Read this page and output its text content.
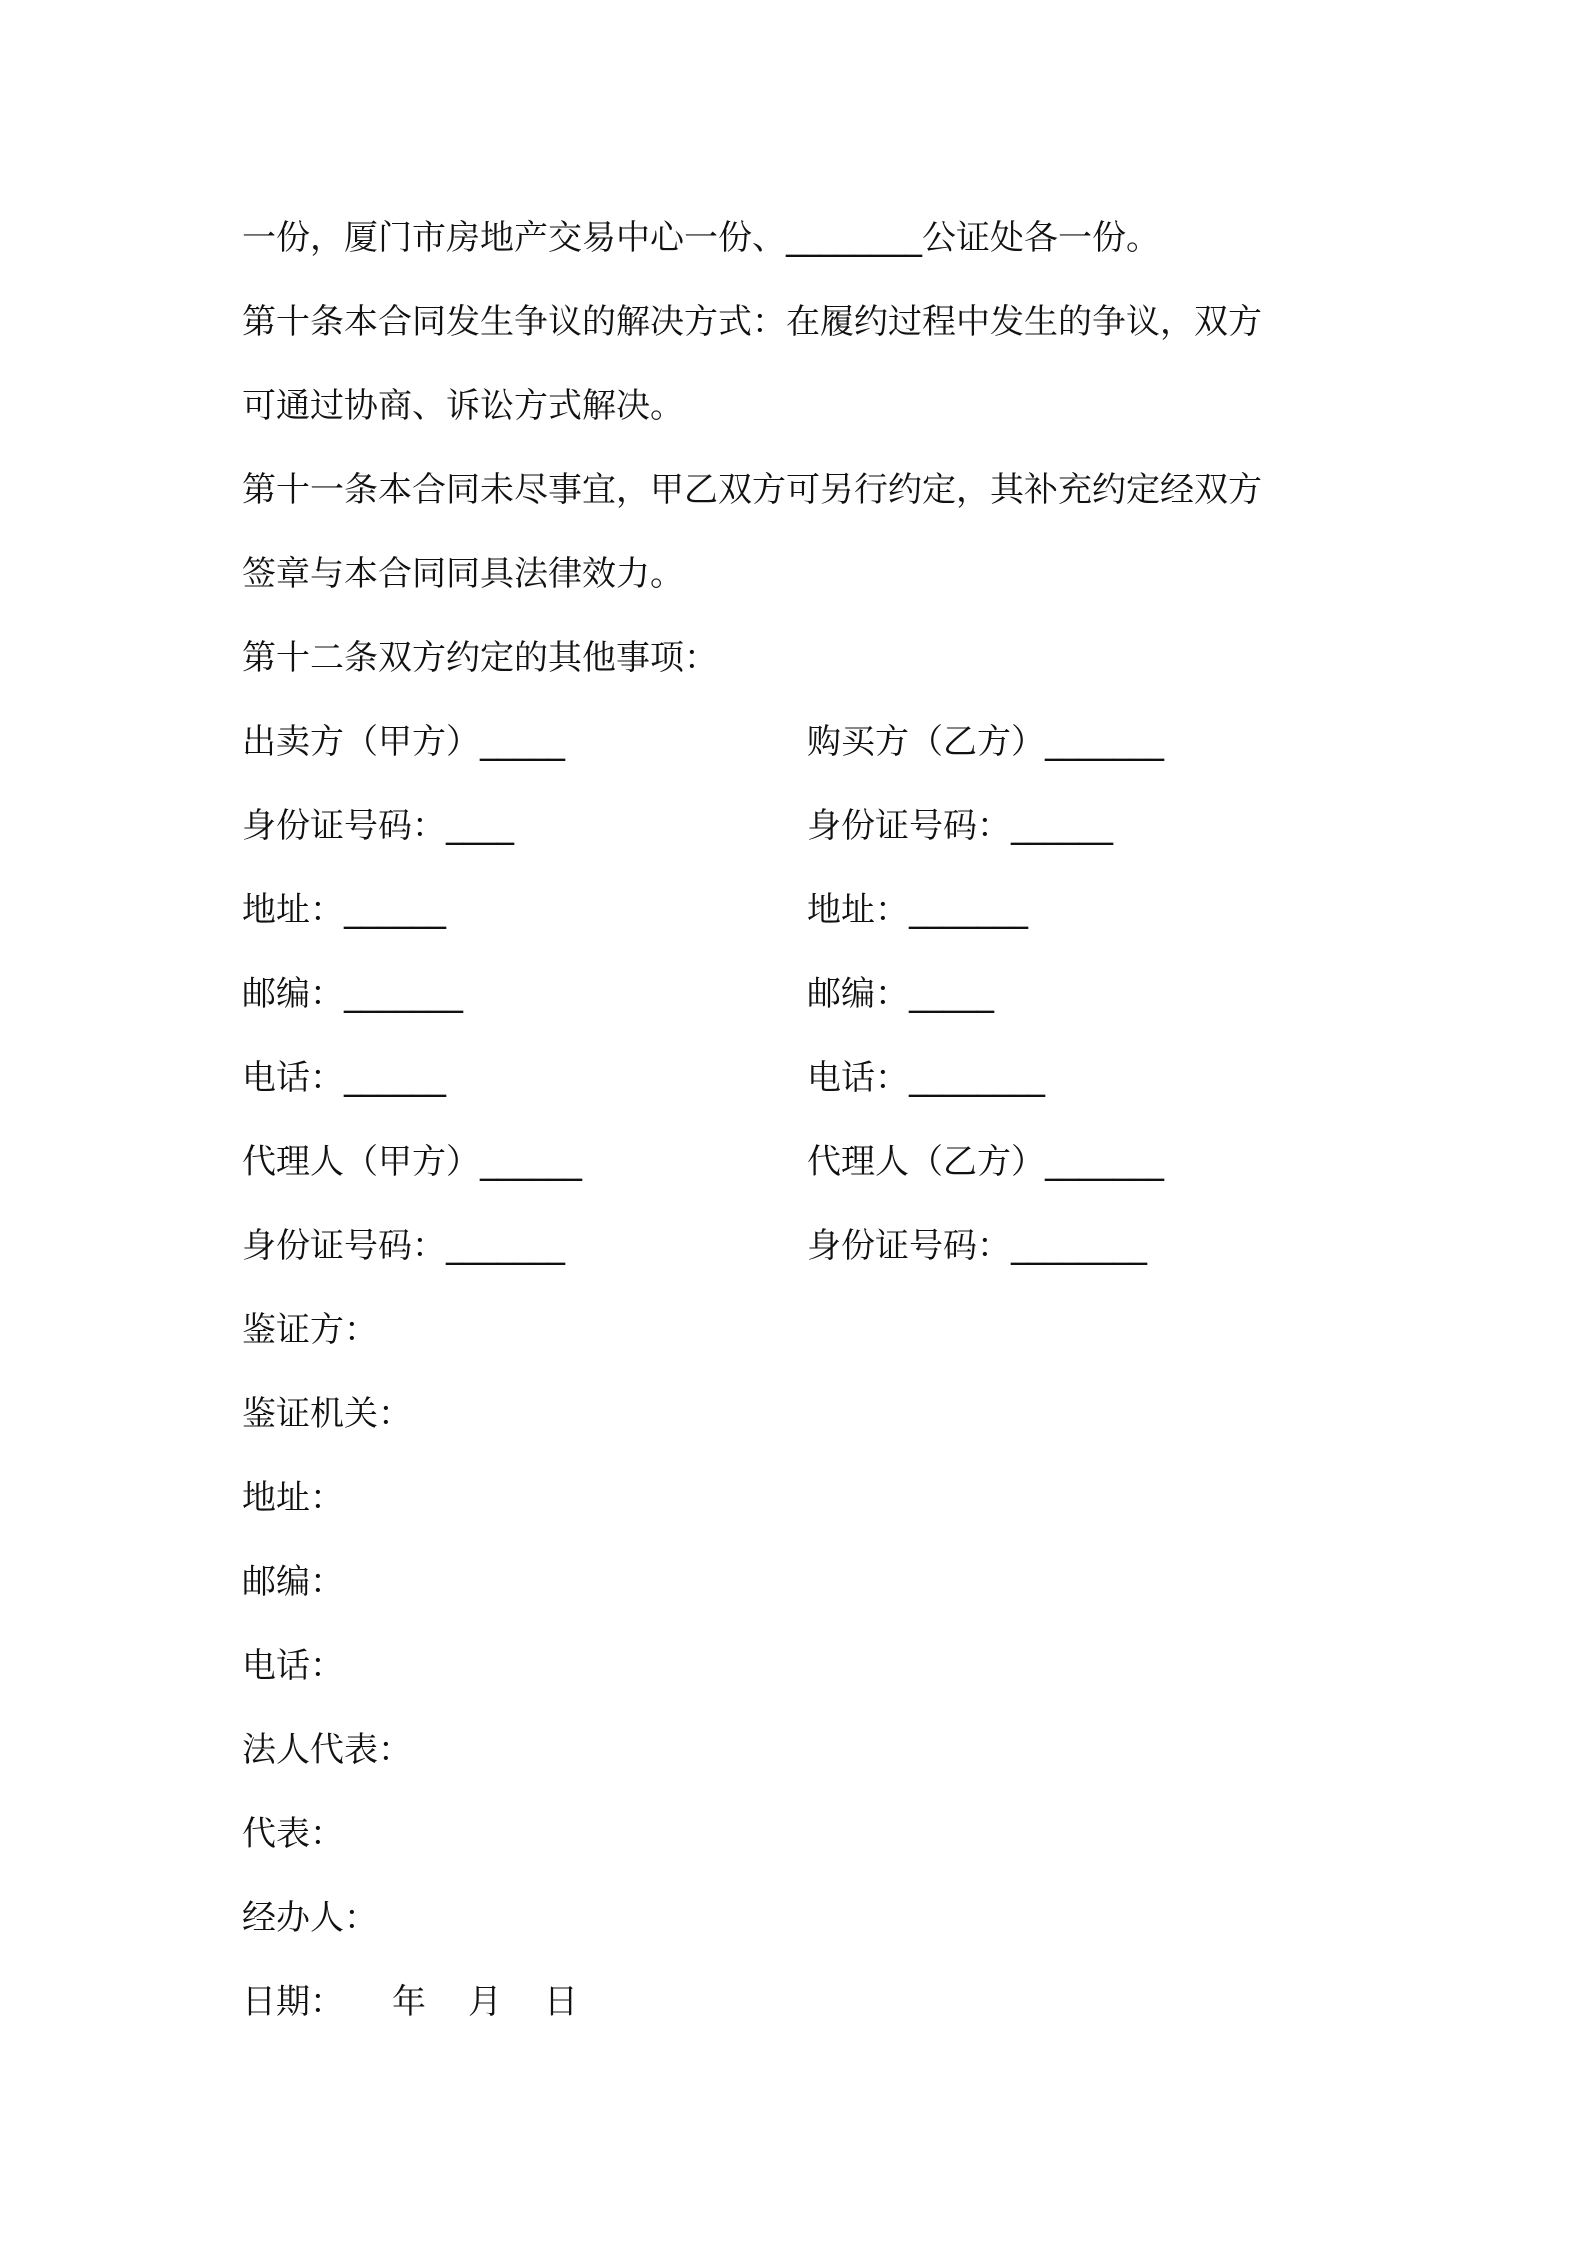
一份，厦门市房地产交易中心一份、________公证处各一份。
第十条本合同发生争议的解决方式：在履约过程中发生的争议，双方
可通过协商、诉讼方式解决。
第十一条本合同未尽事宜，甲乙双方可另行约定，其补充约定经双方
签章与本合同同具法律效力。
第十二条双方约定的其他事项：
出卖方（甲方）_____	购买方（乙方）_______
身份证号码：____	身份证号码：______
地址：______	地址：_______
邮编：_______	邮编：_____
电话：______	电话：________
代理人（甲方）______	代理人（乙方）_______
身份证号码：_______	身份证号码：________
鉴证方：
鉴证机关：
地址：
邮编：
电话：
法人代表：
代表：
经办人：
日期： 年 月 日
